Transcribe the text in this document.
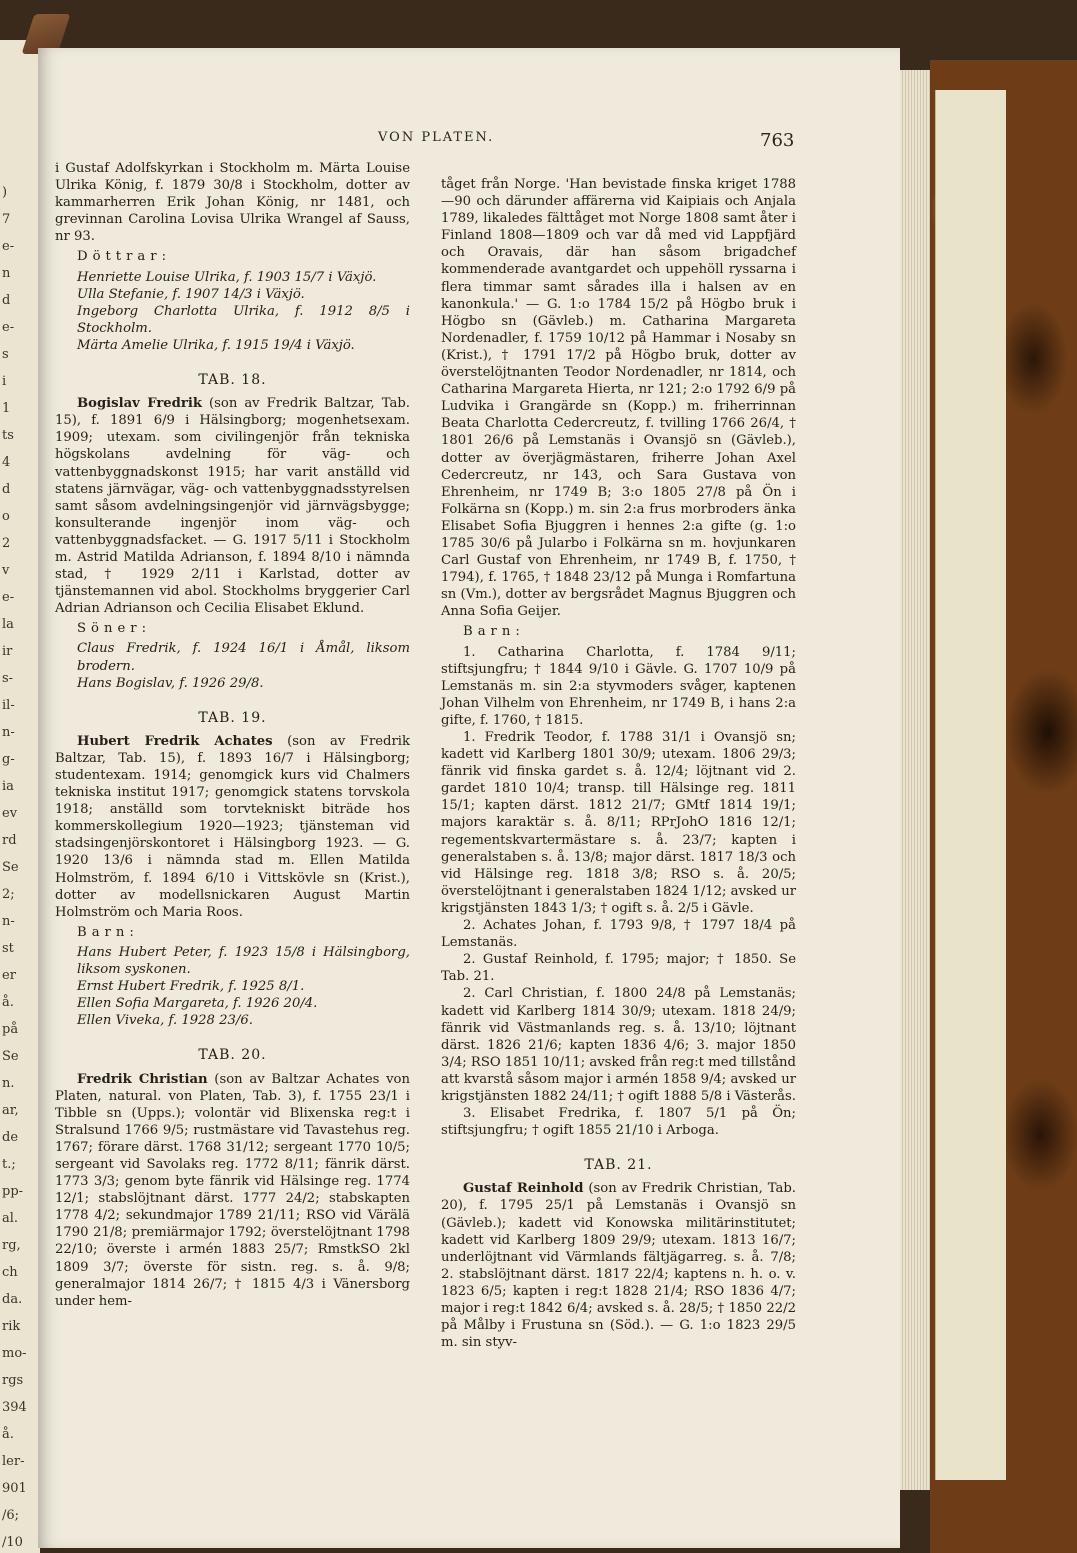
)
7
e-
n
d
e-
s
i
1
ts
4
d
o
2
v
e-
la
ir
s-
il-
n-
g-
ia
ev
rd
Se
2;
n-
st
er
å.
på
Se
n.
ar,
de
t.;
pp-
al.
rg,
ch
da.
rik
mo-
rgs
394
å.
ler-
901
/6;
/10
VON PLATEN.	763

i Gustaf Adolfskyrkan i Stockholm m. Märta Louise Ulrika König, f. 1879 30/8 i Stockholm, dotter av kammarherren Erik Johan König, nr 1481, och grevinnan Carolina Lovisa Ulrika Wrangel af Sauss, nr 93.

Döttrar:

Henriette Louise Ulrika, f. 1903 15/7 i Växjö.

Ulla Stefanie, f. 1907 14/3 i Växjö.

Ingeborg Charlotta Ulrika, f. 1912 8/5 i Stockholm.

Märta Amelie Ulrika, f. 1915 19/4 i Växjö.

TAB. 18.

Bogislav Fredrik (son av Fredrik Baltzar, Tab. 15), f. 1891 6/9 i Hälsingborg; mogenhetsexam. 1909; utexam. som civilingenjör från tekniska högskolans avdelning för väg- och vattenbyggnadskonst 1915; har varit anställd vid statens järnvägar, väg- och vattenbyggnadsstyrelsen samt såsom avdelningsingenjör vid järnvägsbygge; konsulterande ingenjör inom väg- och vattenbyggnadsfacket. — G. 1917 5/11 i Stockholm m. Astrid Matilda Adrianson, f. 1894 8/10 i nämnda stad, † 1929 2/11 i Karlstad, dotter av tjänstemannen vid abol. Stockholms bryggerier Carl Adrian Adrianson och Cecilia Elisabet Eklund.

Söner:

Claus Fredrik, f. 1924 16/1 i Åmål, liksom brodern.

Hans Bogislav, f. 1926 29/8.

TAB. 19.

Hubert Fredrik Achates (son av Fredrik Baltzar, Tab. 15), f. 1893 16/7 i Hälsingborg; studentexam. 1914; genomgick kurs vid Chalmers tekniska institut 1917; genomgick statens torvskola 1918; anställd som torvtekniskt biträde hos kommerskollegium 1920—1923; tjänsteman vid stadsingenjörskontoret i Hälsingborg 1923. — G. 1920 13/6 i nämnda stad m. Ellen Matilda Holmström, f. 1894 6/10 i Vittskövle sn (Krist.), dotter av modellsnickaren August Martin Holmström och Maria Roos.

Barn:

Hans Hubert Peter, f. 1923 15/8 i Hälsingborg, liksom syskonen.

Ernst Hubert Fredrik, f. 1925 8/1.

Ellen Sofia Margareta, f. 1926 20/4.

Ellen Viveka, f. 1928 23/6.

TAB. 20.

Fredrik Christian (son av Baltzar Achates von Platen, natural. von Platen, Tab. 3), f. 1755 23/1 i Tibble sn (Upps.); volontär vid Blixenska reg:t i Stralsund 1766 9/5; rustmästare vid Tavastehus reg. 1767; förare därst. 1768 31/12; sergeant 1770 10/5; sergeant vid Savolaks reg. 1772 8/11; fänrik därst. 1773 3/3; genom byte fänrik vid Hälsinge reg. 1774 12/1; stabslöjtnant därst. 1777 24/2; stabskapten 1778 4/2; sekundmajor 1789 21/11; RSO vid Värälä 1790 21/8; premiärmajor 1792; överstelöjtnant 1798 22/10; överste i armén 1883 25/7; RmstkSO 2kl 1809 3/7; överste för sistn. reg. s. å. 9/8; generalmajor 1814 26/7; † 1815 4/3 i Vänersborg under hem-

tåget från Norge. 'Han bevistade finska kriget 1788—90 och därunder affärerna vid Kaipiais och Anjala 1789, likaledes fälttåget mot Norge 1808 samt åter i Finland 1808—1809 och var då med vid Lappfjärd och Oravais, där han såsom brigadchef kommenderade avantgardet och uppehöll ryssarna i flera timmar samt sårades illa i halsen av en kanonkula.' — G. 1:o 1784 15/2 på Högbo bruk i Högbo sn (Gävleb.) m. Catharina Margareta Nordenadler, f. 1759 10/12 på Hammar i Nosaby sn (Krist.), † 1791 17/2 på Högbo bruk, dotter av överstelöjtnanten Teodor Nordenadler, nr 1814, och Catharina Margareta Hierta, nr 121; 2:o 1792 6/9 på Ludvika i Grangärde sn (Kopp.) m. friherrinnan Beata Charlotta Cedercreutz, f. tvilling 1766 26/4, † 1801 26/6 på Lemstanäs i Ovansjö sn (Gävleb.), dotter av överjägmästaren, friherre Johan Axel Cedercreutz, nr 143, och Sara Gustava von Ehrenheim, nr 1749 B; 3:o 1805 27/8 på Ön i Folkärna sn (Kopp.) m. sin 2:a frus morbroders änka Elisabet Sofia Bjuggren i hennes 2:a gifte (g. 1:o 1785 30/6 på Jularbo i Folkärna sn m. hovjunkaren Carl Gustaf von Ehrenheim, nr 1749 B, f. 1750, † 1794), f. 1765, † 1848 23/12 på Munga i Romfartuna sn (Vm.), dotter av bergsrådet Magnus Bjuggren och Anna Sofia Geijer.

Barn:

1. Catharina Charlotta, f. 1784 9/11; stiftsjungfru; † 1844 9/10 i Gävle. G. 1707 10/9 på Lemstanäs m. sin 2:a styvmoders svåger, kaptenen Johan Vilhelm von Ehrenheim, nr 1749 B, i hans 2:a gifte, f. 1760, † 1815.

1. Fredrik Teodor, f. 1788 31/1 i Ovansjö sn; kadett vid Karlberg 1801 30/9; utexam. 1806 29/3; fänrik vid finska gardet s. å. 12/4; löjtnant vid 2. gardet 1810 10/4; transp. till Hälsinge reg. 1811 15/1; kapten därst. 1812 21/7; GMtf 1814 19/1; majors karaktär s. å. 8/11; RPrJohO 1816 12/1; regementskvartermästare s. å. 23/7; kapten i generalstaben s. å. 13/8; major därst. 1817 18/3 och vid Hälsinge reg. 1818 3/8; RSO s. å. 20/5; överstelöjtnant i generalstaben 1824 1/12; avsked ur krigstjänsten 1843 1/3; † ogift s. å. 2/5 i Gävle.

2. Achates Johan, f. 1793 9/8, † 1797 18/4 på Lemstanäs.

2. Gustaf Reinhold, f. 1795; major; † 1850. Se Tab. 21.

2. Carl Christian, f. 1800 24/8 på Lemstanäs; kadett vid Karlberg 1814 30/9; utexam. 1818 24/9; fänrik vid Västmanlands reg. s. å. 13/10; löjtnant därst. 1826 21/6; kapten 1836 4/6; 3. major 1850 3/4; RSO 1851 10/11; avsked från reg:t med tillstånd att kvarstå såsom major i armén 1858 9/4; avsked ur krigstjänsten 1882 24/11; † ogift 1888 5/8 i Västerås.

3. Elisabet Fredrika, f. 1807 5/1 på Ön; stiftsjungfru; † ogift 1855 21/10 i Arboga.

TAB. 21.

Gustaf Reinhold (son av Fredrik Christian, Tab. 20), f. 1795 25/1 på Lemstanäs i Ovansjö sn (Gävleb.); kadett vid Konowska militärinstitutet; kadett vid Karlberg 1809 29/9; utexam. 1813 16/7; underlöjtnant vid Värmlands fältjägarreg. s. å. 7/8; 2. stabslöjtnant därst. 1817 22/4; kaptens n. h. o. v. 1823 6/5; kapten i reg:t 1828 21/4; RSO 1836 4/7; major i reg:t 1842 6/4; avsked s. å. 28/5; † 1850 22/2 på Målby i Frustuna sn (Söd.). — G. 1:o 1823 29/5 m. sin styv-
